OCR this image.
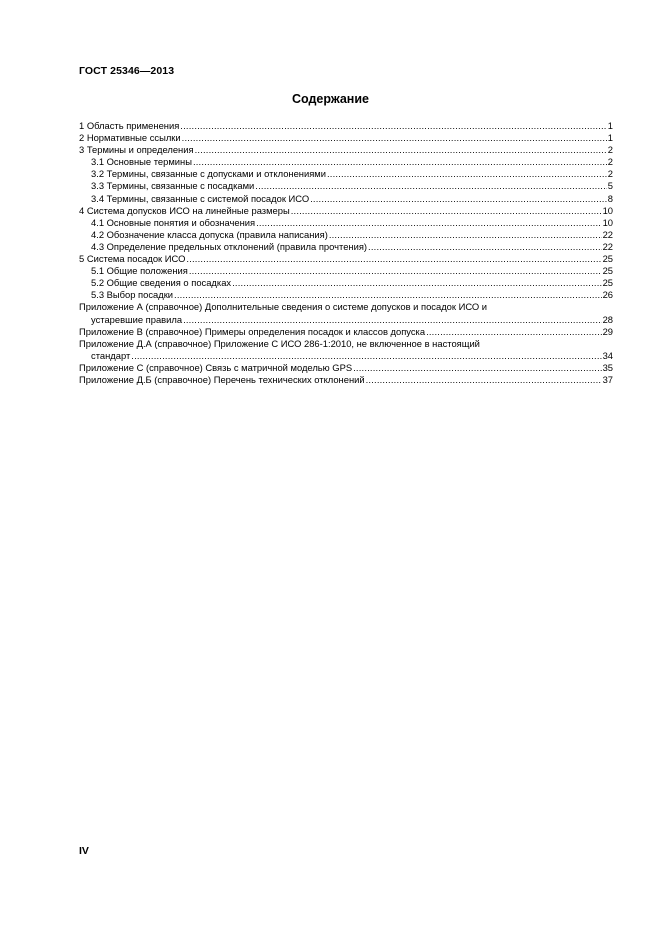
ГОСТ 25346—2013
Содержание
1 Область применения .....	1
2 Нормативные ссылки .....	1
3 Термины и определения .....	2
3.1 Основные термины .....	2
3.2 Термины, связанные с допусками и отклонениями .....	2
3.3 Термины, связанные с посадками .....	5
3.4 Термины, связанные с системой посадок ИСО .....	8
4 Система допусков ИСО на линейные размеры .....	10
4.1 Основные понятия и обозначения .....	10
4.2 Обозначение класса допуска (правила написания) .....	22
4.3 Определение предельных отклонений (правила прочтения) .....	22
5 Система посадок ИСО .....	25
5.1 Общие положения .....	25
5.2 Общие сведения о посадках .....	25
5.3 Выбор посадки .....	26
Приложение А (справочное) Дополнительные сведения о системе допусков и посадок ИСО и
устаревшие правила .....	28
Приложение В (справочное) Примеры определения посадок и классов допуска .....	29
Приложение Д.А (справочное) Приложение С ИСО 286-1:2010, не включенное в настоящий
стандарт .....	34
Приложение С (справочное) Связь с матричной моделью GPS .....	35
Приложение Д.Б (справочное) Перечень технических отклонений .....	37
IV
